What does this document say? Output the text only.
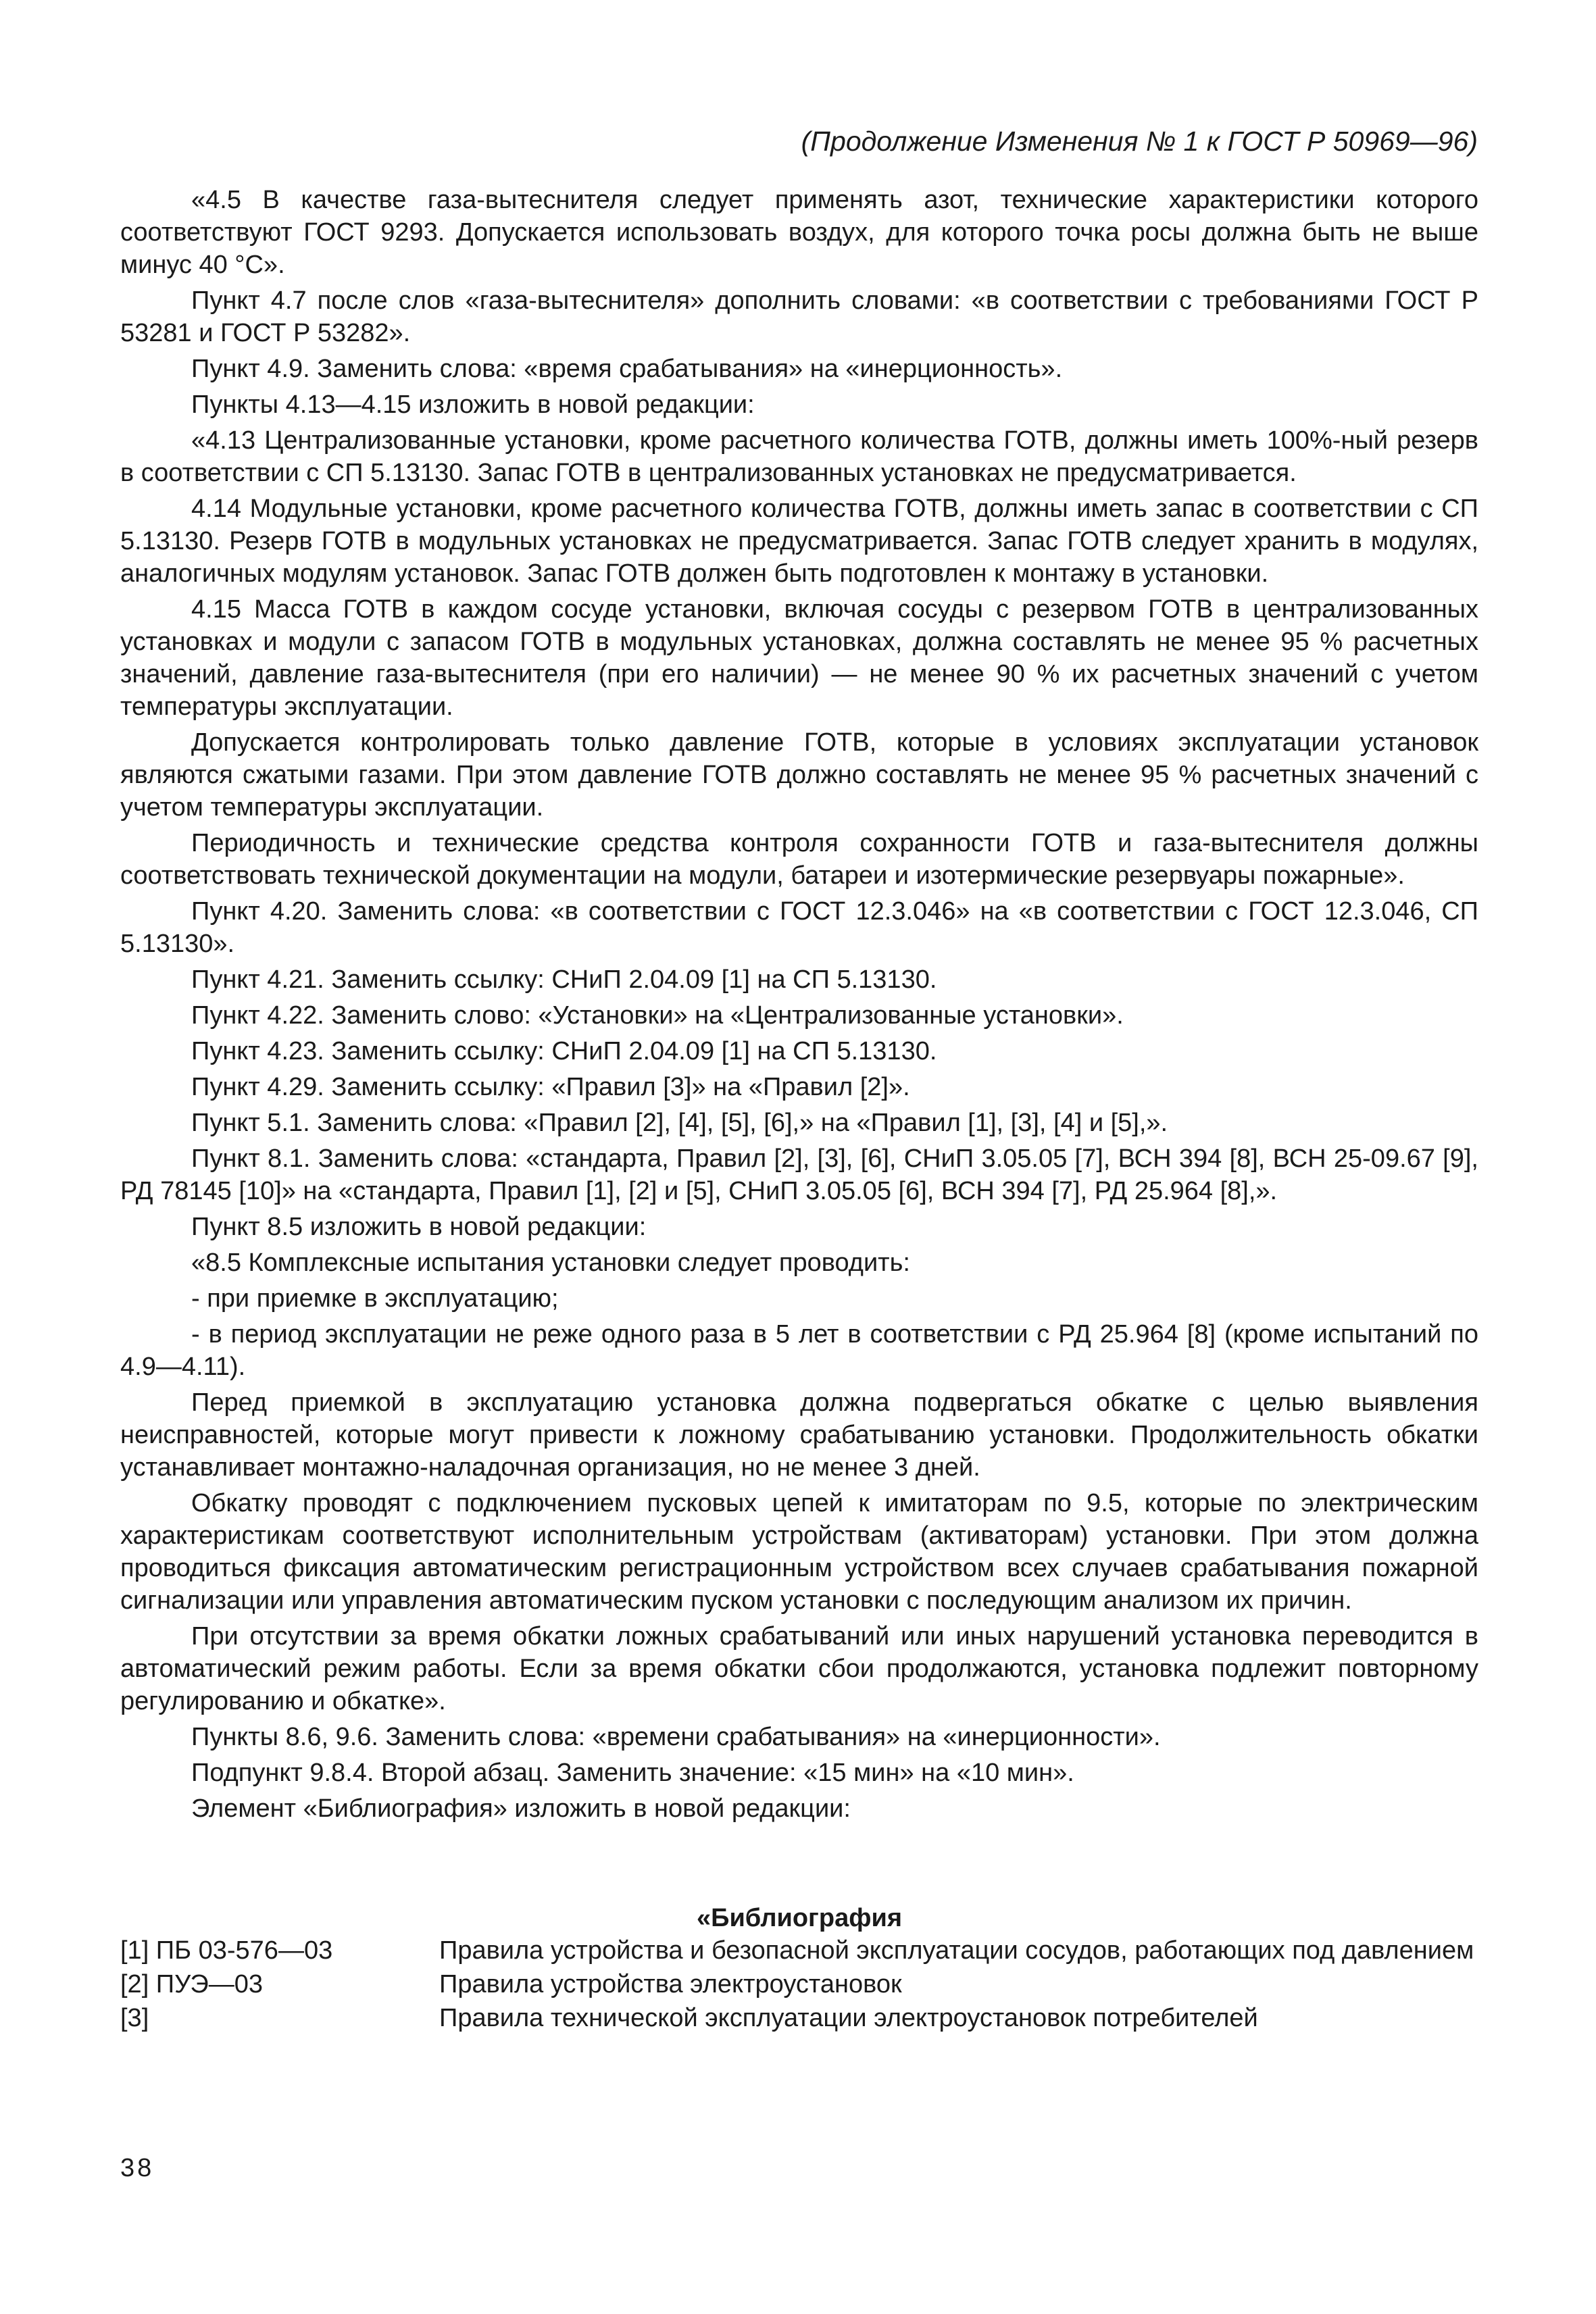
(Продолжение Изменения № 1 к ГОСТ Р 50969—96)

«4.5 В качестве газа-вытеснителя следует применять азот, технические характеристики которого соответствуют ГОСТ 9293. Допускается использовать воздух, для которого точка росы должна быть не выше минус 40 °С».

Пункт 4.7 после слов «газа-вытеснителя» дополнить словами: «в соответствии с требованиями ГОСТ Р 53281 и ГОСТ Р 53282».

Пункт 4.9. Заменить слова: «время срабатывания» на «инерционность».

Пункты 4.13—4.15 изложить в новой редакции:

«4.13 Централизованные установки, кроме расчетного количества ГОТВ, должны иметь 100%-ный резерв в соответствии с СП 5.13130. Запас ГОТВ в централизованных установках не предусматривается.

4.14 Модульные установки, кроме расчетного количества ГОТВ, должны иметь запас в соответствии с СП 5.13130. Резерв ГОТВ в модульных установках не предусматривается. Запас ГОТВ следует хранить в модулях, аналогичных модулям установок. Запас ГОТВ должен быть подготовлен к монтажу в установки.

4.15 Масса ГОТВ в каждом сосуде установки, включая сосуды с резервом ГОТВ в централизованных установках и модули с запасом ГОТВ в модульных установках, должна составлять не менее 95 % расчетных значений, давление газа-вытеснителя (при его наличии) — не менее 90 % их расчетных значений с учетом температуры эксплуатации.

Допускается контролировать только давление ГОТВ, которые в условиях эксплуатации установок являются сжатыми газами. При этом давление ГОТВ должно составлять не менее 95 % расчетных значений с учетом температуры эксплуатации.

Периодичность и технические средства контроля сохранности ГОТВ и газа-вытеснителя должны соответствовать технической документации на модули, батареи и изотермические резервуары пожарные».

Пункт 4.20. Заменить слова: «в соответствии с ГОСТ 12.3.046» на «в соответствии с ГОСТ 12.3.046, СП 5.13130».

Пункт 4.21. Заменить ссылку: СНиП 2.04.09 [1] на СП 5.13130.

Пункт 4.22. Заменить слово: «Установки» на «Централизованные установки».

Пункт 4.23. Заменить ссылку: СНиП 2.04.09 [1] на СП 5.13130.

Пункт 4.29. Заменить ссылку: «Правил [3]» на «Правил [2]».

Пункт 5.1. Заменить слова: «Правил [2], [4], [5], [6],» на «Правил [1], [3], [4] и [5],».

Пункт 8.1. Заменить слова: «стандарта, Правил [2], [3], [6], СНиП 3.05.05 [7], ВСН 394 [8], ВСН 25-09.67 [9], РД 78145 [10]» на «стандарта, Правил [1], [2] и [5], СНиП 3.05.05 [6], ВСН 394 [7], РД 25.964 [8],».

Пункт 8.5 изложить в новой редакции:

«8.5 Комплексные испытания установки следует проводить:

- при приемке в эксплуатацию;

- в период эксплуатации не реже одного раза в 5 лет в соответствии с РД 25.964 [8] (кроме испытаний по 4.9—4.11).

Перед приемкой в эксплуатацию установка должна подвергаться обкатке с целью выявления неисправностей, которые могут привести к ложному срабатыванию установки. Продолжительность обкатки устанавливает монтажно-наладочная организация, но не менее 3 дней.

Обкатку проводят с подключением пусковых цепей к имитаторам по 9.5, которые по электрическим характеристикам соответствуют исполнительным устройствам (активаторам) установки. При этом должна проводиться фиксация автоматическим регистрационным устройством всех случаев срабатывания пожарной сигнализации или управления автоматическим пуском установки с последующим анализом их причин.

При отсутствии за время обкатки ложных срабатываний или иных нарушений установка переводится в автоматический режим работы. Если за время обкатки сбои продолжаются, установка подлежит повторному регулированию и обкатке».

Пункты 8.6, 9.6. Заменить слова: «времени срабатывания» на «инерционности».

Подпункт 9.8.4. Второй абзац. Заменить значение: «15 мин» на «10 мин».

Элемент «Библиография» изложить в новой редакции:

«Библиография
[1] ПБ 03-576—03	Правила устройства и безопасной эксплуатации сосудов, работающих под давлением
[2] ПУЭ—03	Правила устройства электроустановок
[3]	Правила технической эксплуатации электроустановок потребителей
38
